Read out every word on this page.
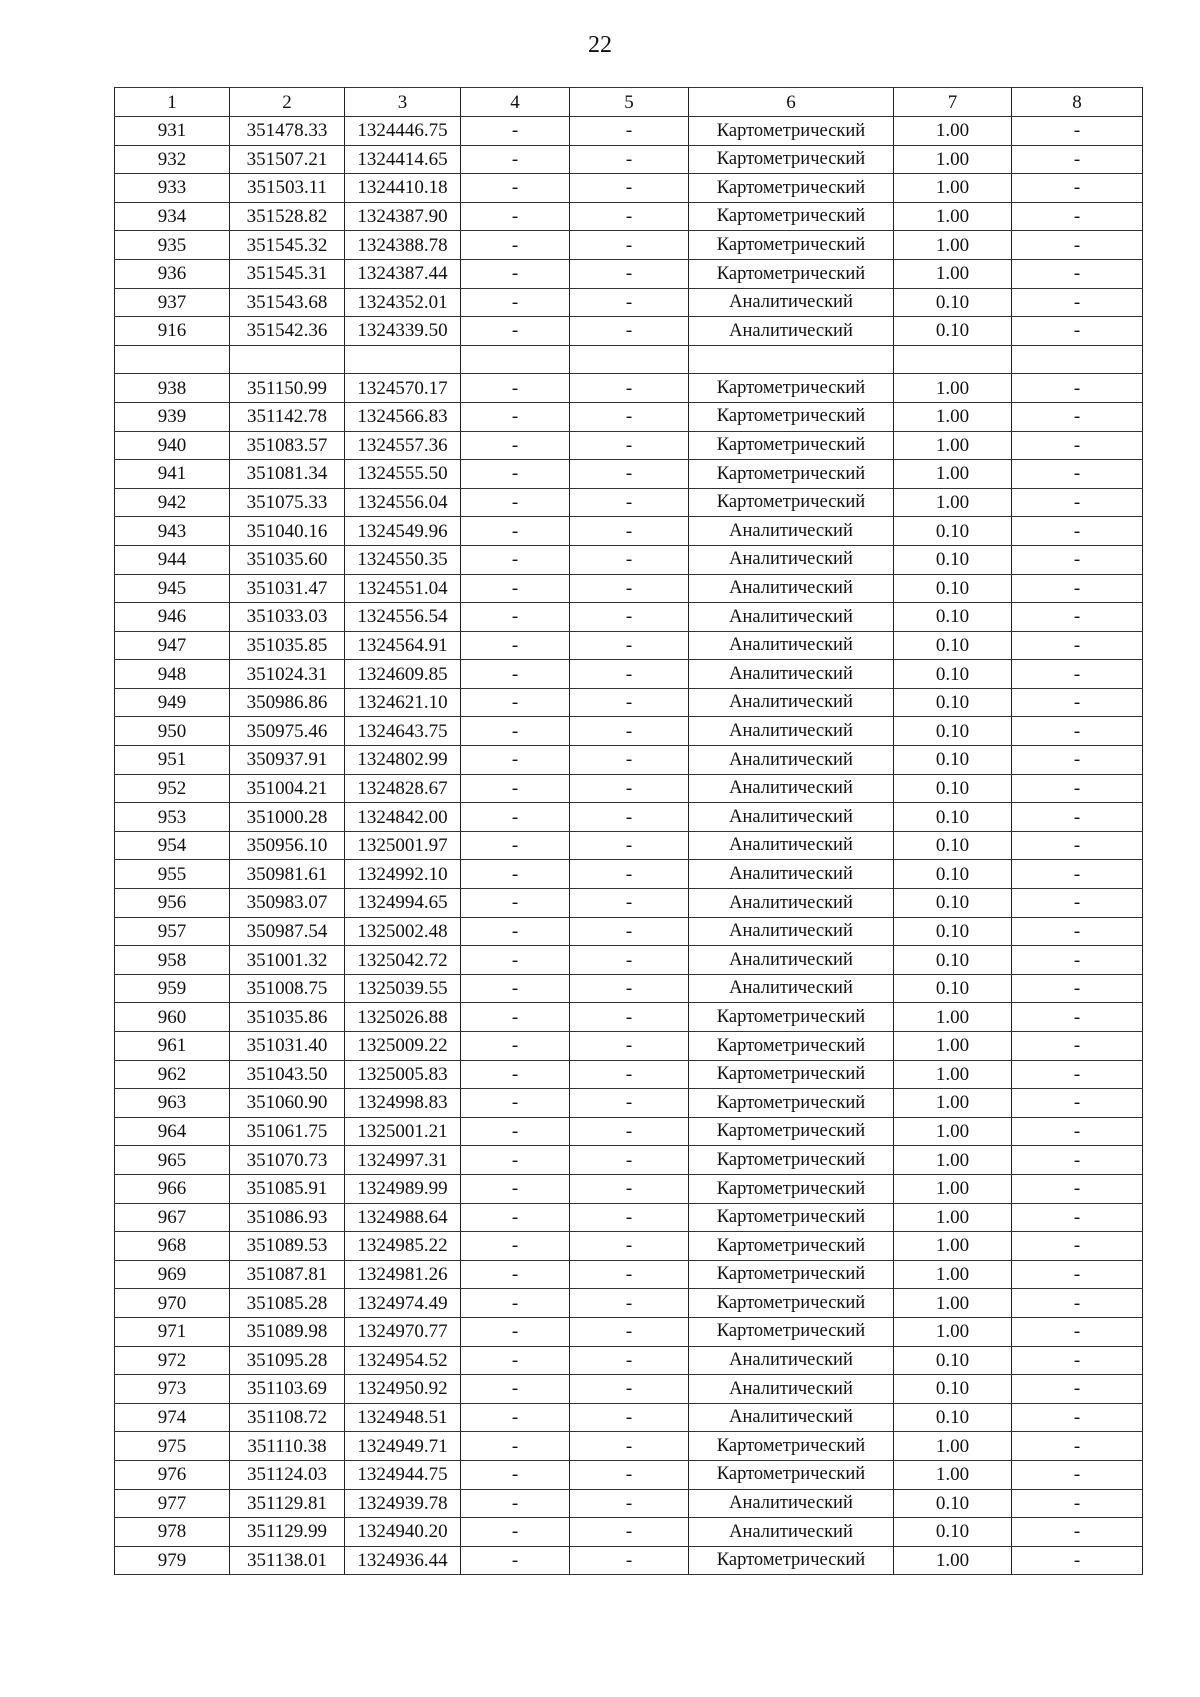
22
1	2	3	4	5	6	7	8
931	351478.33	1324446.75	-	-	Картометрический	1.00	-
932	351507.21	1324414.65	-	-	Картометрический	1.00	-
933	351503.11	1324410.18	-	-	Картометрический	1.00	-
934	351528.82	1324387.90	-	-	Картометрический	1.00	-
935	351545.32	1324388.78	-	-	Картометрический	1.00	-
936	351545.31	1324387.44	-	-	Картометрический	1.00	-
937	351543.68	1324352.01	-	-	Аналитический	0.10	-
916	351542.36	1324339.50	-	-	Аналитический	0.10	-

938	351150.99	1324570.17	-	-	Картометрический	1.00	-
939	351142.78	1324566.83	-	-	Картометрический	1.00	-
940	351083.57	1324557.36	-	-	Картометрический	1.00	-
941	351081.34	1324555.50	-	-	Картометрический	1.00	-
942	351075.33	1324556.04	-	-	Картометрический	1.00	-
943	351040.16	1324549.96	-	-	Аналитический	0.10	-
944	351035.60	1324550.35	-	-	Аналитический	0.10	-
945	351031.47	1324551.04	-	-	Аналитический	0.10	-
946	351033.03	1324556.54	-	-	Аналитический	0.10	-
947	351035.85	1324564.91	-	-	Аналитический	0.10	-
948	351024.31	1324609.85	-	-	Аналитический	0.10	-
949	350986.86	1324621.10	-	-	Аналитический	0.10	-
950	350975.46	1324643.75	-	-	Аналитический	0.10	-
951	350937.91	1324802.99	-	-	Аналитический	0.10	-
952	351004.21	1324828.67	-	-	Аналитический	0.10	-
953	351000.28	1324842.00	-	-	Аналитический	0.10	-
954	350956.10	1325001.97	-	-	Аналитический	0.10	-
955	350981.61	1324992.10	-	-	Аналитический	0.10	-
956	350983.07	1324994.65	-	-	Аналитический	0.10	-
957	350987.54	1325002.48	-	-	Аналитический	0.10	-
958	351001.32	1325042.72	-	-	Аналитический	0.10	-
959	351008.75	1325039.55	-	-	Аналитический	0.10	-
960	351035.86	1325026.88	-	-	Картометрический	1.00	-
961	351031.40	1325009.22	-	-	Картометрический	1.00	-
962	351043.50	1325005.83	-	-	Картометрический	1.00	-
963	351060.90	1324998.83	-	-	Картометрический	1.00	-
964	351061.75	1325001.21	-	-	Картометрический	1.00	-
965	351070.73	1324997.31	-	-	Картометрический	1.00	-
966	351085.91	1324989.99	-	-	Картометрический	1.00	-
967	351086.93	1324988.64	-	-	Картометрический	1.00	-
968	351089.53	1324985.22	-	-	Картометрический	1.00	-
969	351087.81	1324981.26	-	-	Картометрический	1.00	-
970	351085.28	1324974.49	-	-	Картометрический	1.00	-
971	351089.98	1324970.77	-	-	Картометрический	1.00	-
972	351095.28	1324954.52	-	-	Аналитический	0.10	-
973	351103.69	1324950.92	-	-	Аналитический	0.10	-
974	351108.72	1324948.51	-	-	Аналитический	0.10	-
975	351110.38	1324949.71	-	-	Картометрический	1.00	-
976	351124.03	1324944.75	-	-	Картометрический	1.00	-
977	351129.81	1324939.78	-	-	Аналитический	0.10	-
978	351129.99	1324940.20	-	-	Аналитический	0.10	-
979	351138.01	1324936.44	-	-	Картометрический	1.00	-
